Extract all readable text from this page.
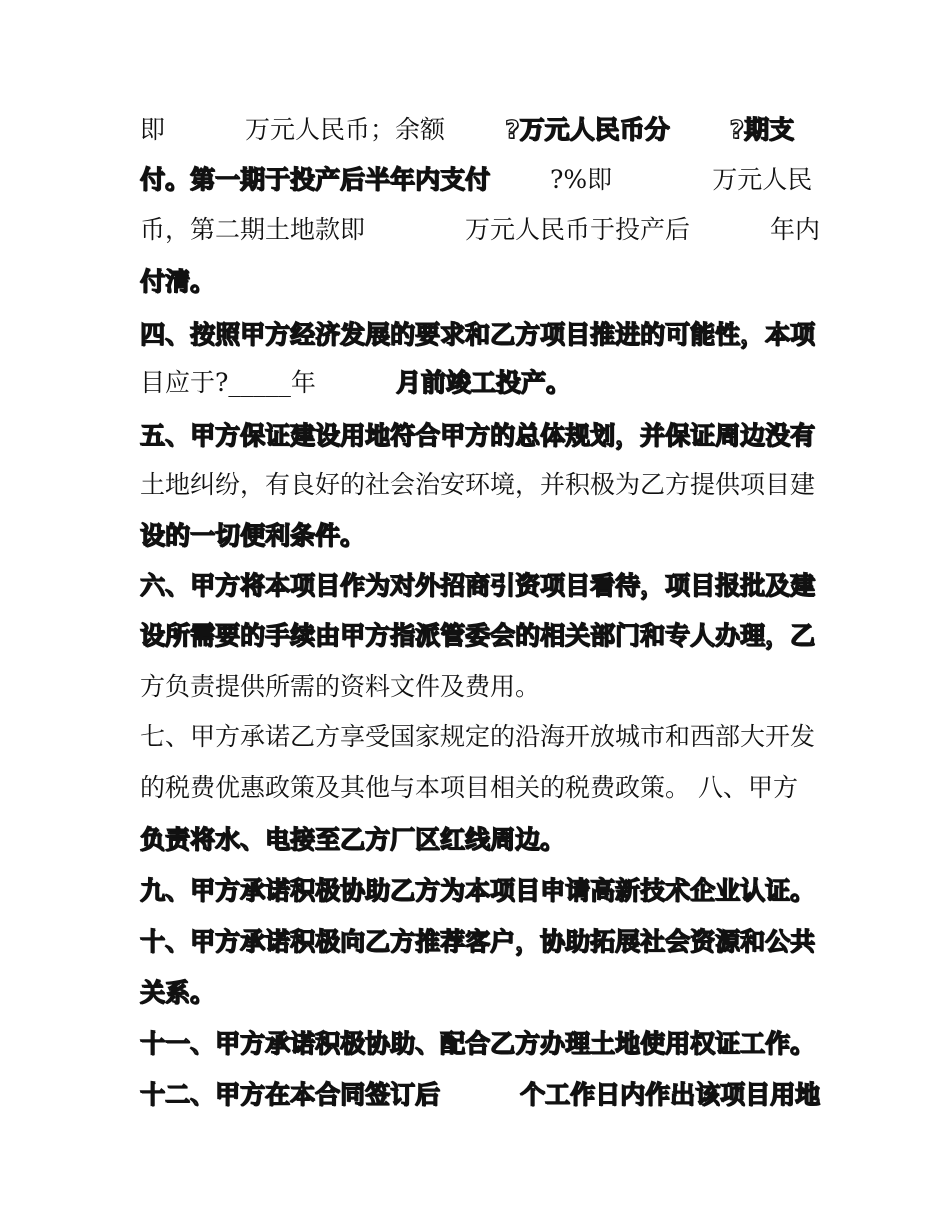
即	万元人民币；余额 ?万元人民币分 ?期支
付。第一期于投产后半年内支付 ?%即	万元人民
币，第二期土地款即	万元人民币于投产后	年内
付清。
四、按照甲方经济发展的要求和乙方项目推进的可能性，本项
目应于?_____年	月前竣工投产。
五、甲方保证建设用地符合甲方的总体规划，并保证周边没有
土地纠纷，有良好的社会治安环境，并积极为乙方提供项目建
设的一切便利条件。
六、甲方将本项目作为对外招商引资项目看待，项目报批及建
设所需要的手续由甲方指派管委会的相关部门和专人办理，乙
方负责提供所需的资料文件及费用。
七、甲方承诺乙方享受国家规定的沿海开放城市和西部大开发
的税费优惠政策及其他与本项目相关的税费政策。 八、甲方
负责将水、电接至乙方厂区红线周边。
九、甲方承诺积极协助乙方为本项目申请高新技术企业认证。
十、甲方承诺积极向乙方推荐客户，协助拓展社会资源和公共
关系。
十一、甲方承诺积极协助、配合乙方办理土地使用权证工作。
十二、甲方在本合同签订后	个工作日内作出该项目用地
